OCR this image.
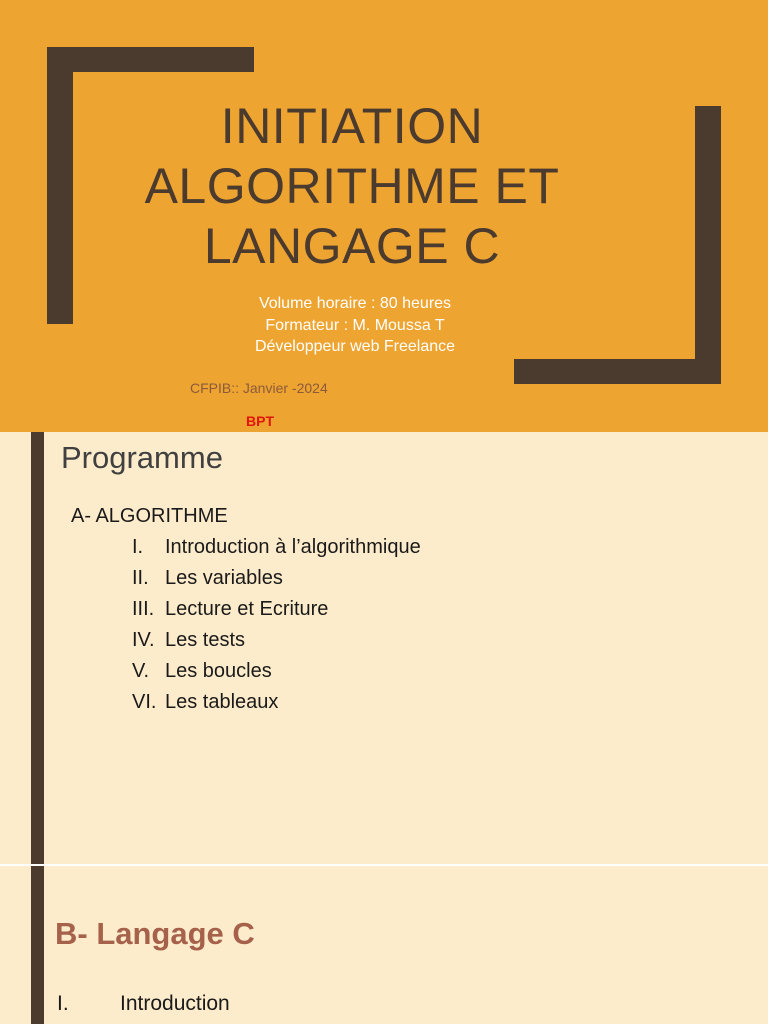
INITIATION
ALGORITHME ET
LANGAGE C
Volume horaire : 80 heures
Formateur : M. Moussa T
Développeur web Freelance
CFPIB:: Janvier -2024
BPT
Programme
A- ALGORITHME
I. Introduction à l’algorithmique
II. Les variables
III. Lecture et Ecriture
IV. Les tests
V. Les boucles
VI. Les tableaux
B- Langage C
I. Introduction
